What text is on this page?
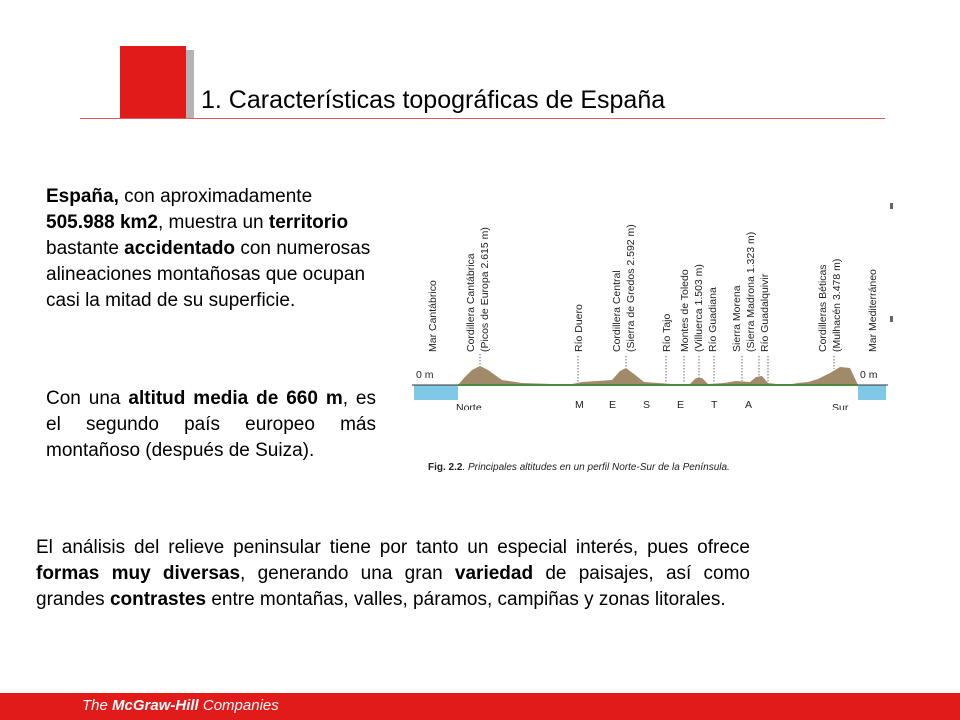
1. Características topográficas de España
España, con aproximadamente 505.988 km2, muestra un territorio bastante accidentado con numerosas alineaciones montañosas que ocupan casi la mitad de su superficie.
Con una altitud media de 660 m, es el segundo país europeo más montañoso (después de Suiza).
El análisis del relieve peninsular tiene por tanto un especial interés, pues ofrece formas muy diversas, generando una gran variedad de paisajes, así como grandes contrastes entre montañas, valles, páramos, campiñas y zonas litorales.
Mar Cantábrico Cordillera Cantábrica (Picos de Europa 2.615 m)	Río Duero Cordillera Central (Sierra de Gredos 2.592 m) Río Tajo Montes de Toledo (Villuerca 1.503 m) Río Guadiana Sierra Morena (Sierra Madrona 1.323 m) Río Guadalquivir	Cordilleras Béticas (Mulhacén 3.478 m) Mar Mediterráneo
0 m	0 m
Norte	Sur
M E	S	E	T	A
Fig. 2.2. Principales altitudes en un perfil Norte-Sur de la Península.
The McGraw-Hill Companies
